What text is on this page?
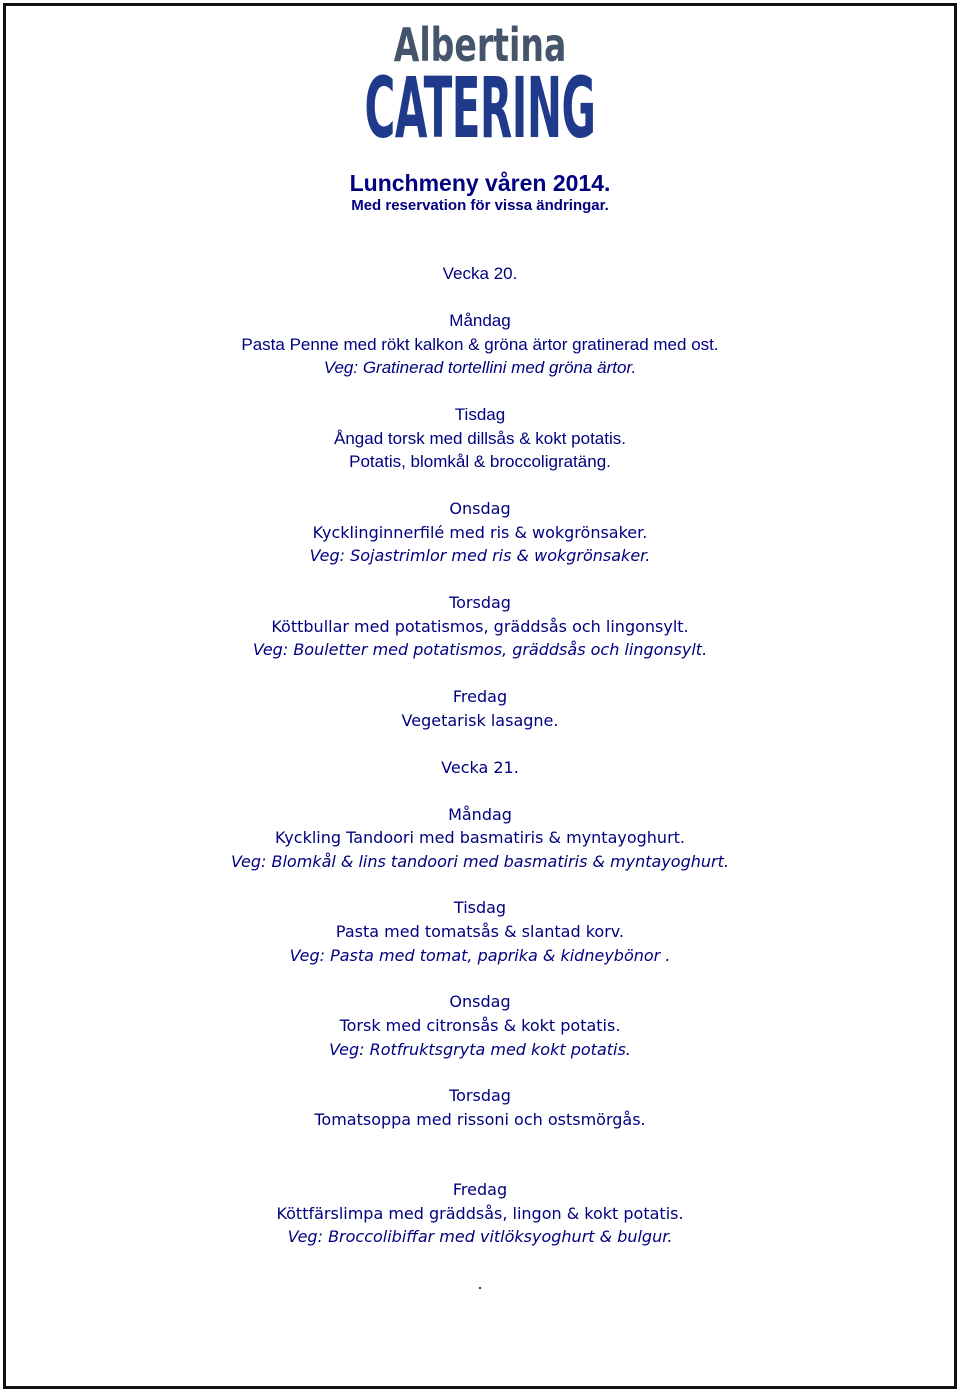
Albertina
CATERING
Lunchmeny våren 2014.
Med reservation för vissa ändringar.
Vecka 20.
Måndag
Pasta Penne med rökt kalkon & gröna ärtor gratinerad med ost.
Veg: Gratinerad tortellini med gröna ärtor.
Tisdag
Ångad torsk med dillsås & kokt potatis.
Potatis, blomkål & broccoligratäng.
Onsdag
Kycklinginnerfilé med ris & wokgrönsaker.
Veg: Sojastrimlor med ris & wokgrönsaker.
Torsdag
Köttbullar med potatismos, gräddsås och lingonsylt.
Veg: Bouletter med potatismos, gräddsås och lingonsylt.
Fredag
Vegetarisk lasagne.
Vecka 21.
Måndag
Kyckling Tandoori med basmatiris & myntayoghurt.
Veg: Blomkål & lins tandoori med basmatiris & myntayoghurt.
Tisdag
Pasta med tomatsås & slantad korv.
Veg: Pasta med tomat, paprika & kidneybönor .
Onsdag
Torsk med citronsås & kokt potatis.
Veg: Rotfruktsgryta med kokt potatis.
Torsdag
Tomatsoppa med rissoni och ostsmörgås.
Fredag
Köttfärslimpa med gräddsås, lingon & kokt potatis.
Veg: Broccolibiffar med vitlöksyoghurt & bulgur.
.
